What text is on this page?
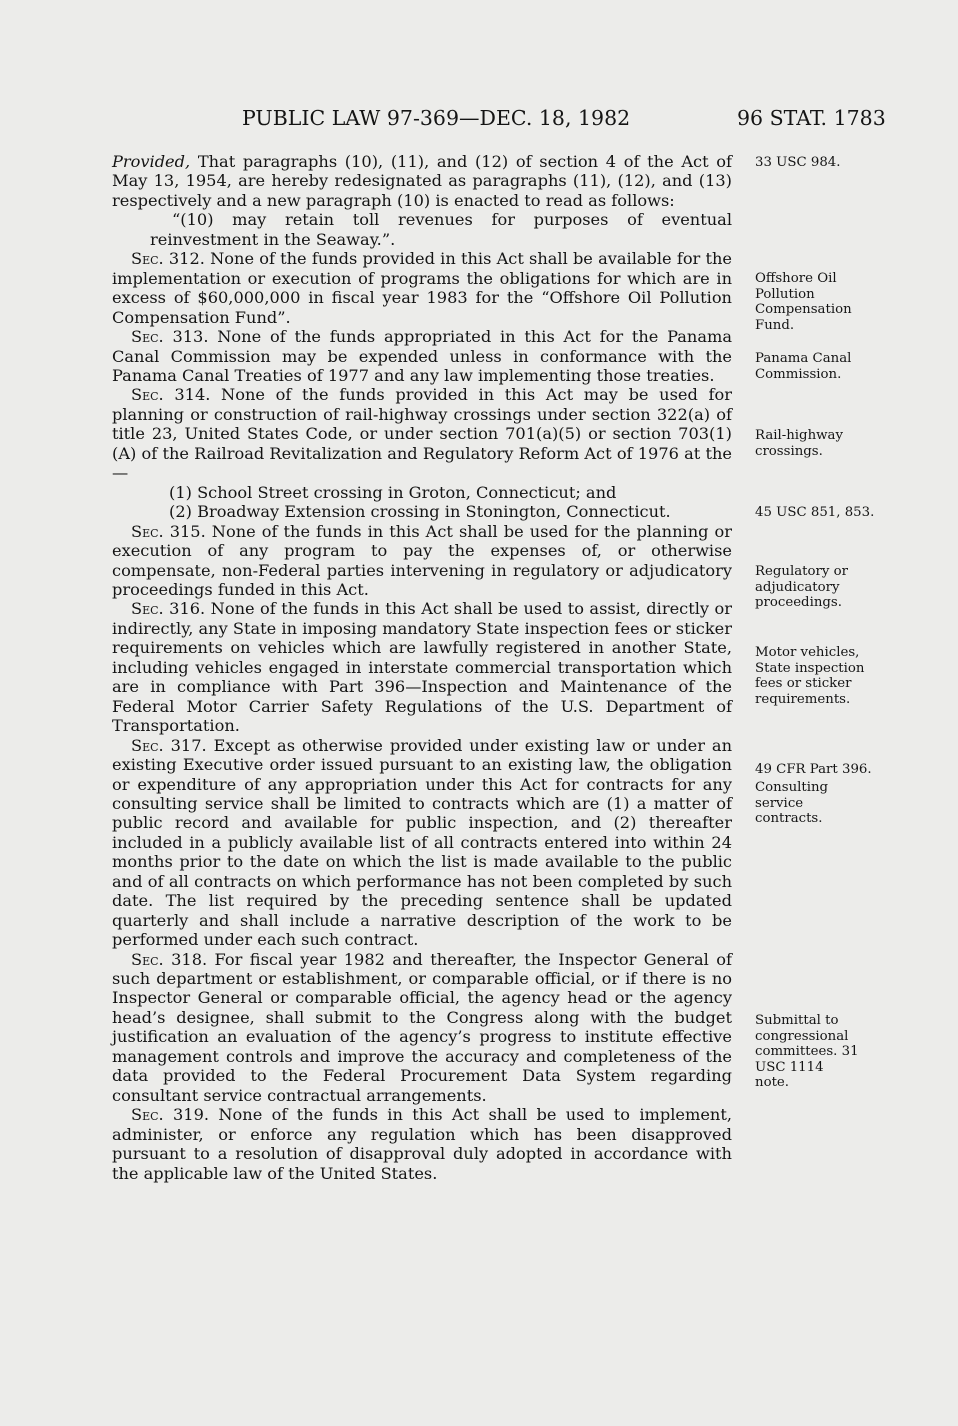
PUBLIC LAW 97-369—DEC. 18, 1982	96 STAT. 1783

Provided, That paragraphs (10), (11), and (12) of section 4 of the Act of May 13, 1954, are hereby redesignated as paragraphs (11), (12), and (13) respectively and a new paragraph (10) is enacted to read as follows:

“(10) may retain toll revenues for purposes of eventual reinvestment in the Seaway.”.

Sec. 312. None of the funds provided in this Act shall be available for the implementation or execution of programs the obligations for which are in excess of $60,000,000 in fiscal year 1983 for the “Offshore Oil Pollution Compensation Fund”.

Sec. 313. None of the funds appropriated in this Act for the Panama Canal Commission may be expended unless in conformance with the Panama Canal Treaties of 1977 and any law implementing those treaties.

Sec. 314. None of the funds provided in this Act may be used for planning or construction of rail-highway crossings under section 322(a) of title 23, United States Code, or under section 701(a)(5) or section 703(1)(A) of the Railroad Revitalization and Regulatory Reform Act of 1976 at the—

(1) School Street crossing in Groton, Connecticut; and

(2) Broadway Extension crossing in Stonington, Connecticut.

Sec. 315. None of the funds in this Act shall be used for the planning or execution of any program to pay the expenses of, or otherwise compensate, non-Federal parties intervening in regulatory or adjudicatory proceedings funded in this Act.

Sec. 316. None of the funds in this Act shall be used to assist, directly or indirectly, any State in imposing mandatory State inspection fees or sticker requirements on vehicles which are lawfully registered in another State, including vehicles engaged in interstate commercial transportation which are in compliance with Part 396—Inspection and Maintenance of the Federal Motor Carrier Safety Regulations of the U.S. Department of Transportation.

Sec. 317. Except as otherwise provided under existing law or under an existing Executive order issued pursuant to an existing law, the obligation or expenditure of any appropriation under this Act for contracts for any consulting service shall be limited to contracts which are (1) a matter of public record and available for public inspection, and (2) thereafter included in a publicly available list of all contracts entered into within 24 months prior to the date on which the list is made available to the public and of all contracts on which performance has not been completed by such date. The list required by the preceding sentence shall be updated quarterly and shall include a narrative description of the work to be performed under each such contract.

Sec. 318. For fiscal year 1982 and thereafter, the Inspector General of such department or establishment, or comparable official, or if there is no Inspector General or comparable official, the agency head or the agency head’s designee, shall submit to the Congress along with the budget justification an evaluation of the agency’s progress to institute effective management controls and improve the accuracy and completeness of the data provided to the Federal Procurement Data System regarding consultant service contractual arrangements.

Sec. 319. None of the funds in this Act shall be used to implement, administer, or enforce any regulation which has been disapproved pursuant to a resolution of disapproval duly adopted in accordance with the applicable law of the United States.

33 USC 984.
Offshore Oil Pollution Compensation Fund.
Panama Canal Commission.
Rail-highway crossings.
45 USC 851, 853.
Regulatory or adjudicatory proceedings.
Motor vehicles, State inspection fees or sticker requirements.
49 CFR Part 396.
Consulting service contracts.
Submittal to congressional committees. 31 USC 1114 note.
